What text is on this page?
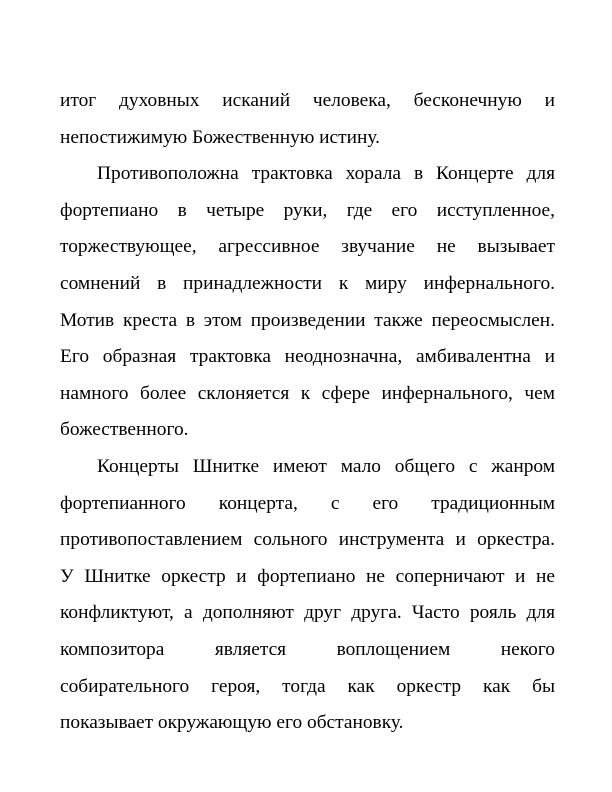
итог духовных исканий человека, бесконечную и
непостижимую Божественную истину.
Противоположна трактовка хорала в Концерте для
фортепиано в четыре руки, где его исступленное,
торжествующее, агрессивное звучание не вызывает
сомнений в принадлежности к миру инфернального.
Мотив креста в этом произведении также переосмыслен.
Его образная трактовка неоднозначна, амбивалентна и
намного более склоняется к сфере инфернального, чем
божественного.
Концерты Шнитке имеют мало общего с жанром
фортепианного концерта, с его традиционным
противопоставлением сольного инструмента и оркестра.
У Шнитке оркестр и фортепиано не соперничают и не
конфликтуют, а дополняют друг друга. Часто рояль для
композитора является воплощением некого
собирательного героя, тогда как оркестр как бы
показывает окружающую его обстановку.
